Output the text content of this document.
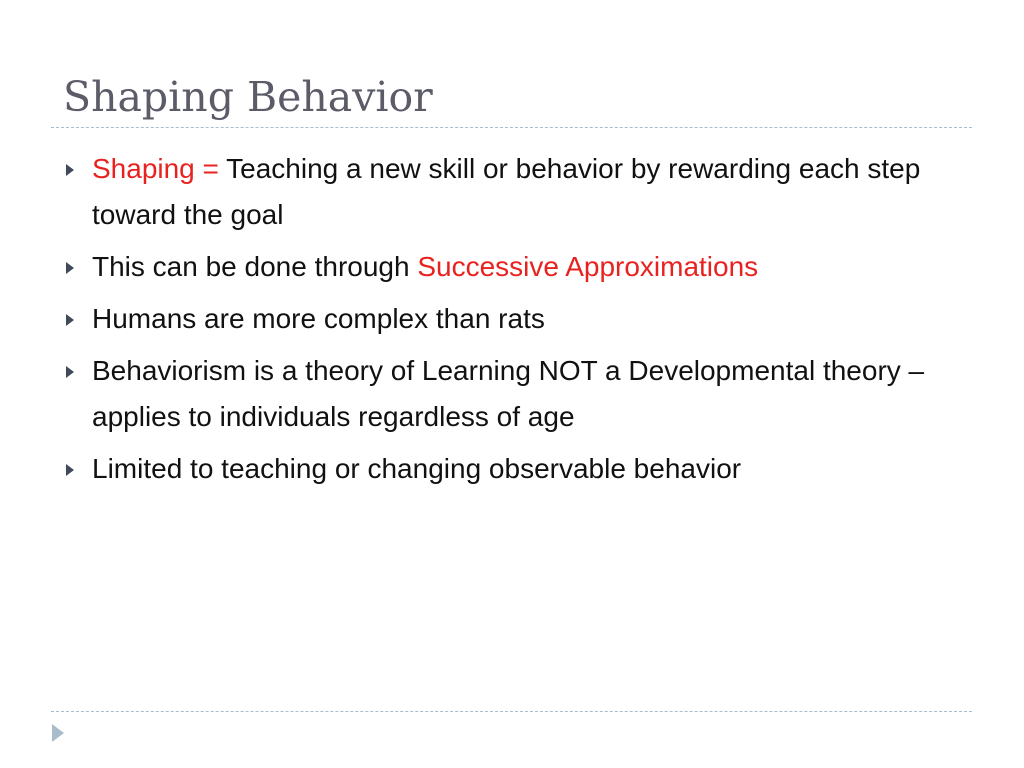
Shaping Behavior
Shaping = Teaching a new skill or behavior by rewarding each step toward the goal
This can be done through Successive Approximations
Humans are more complex than rats
Behaviorism is a theory of Learning NOT a Developmental theory – applies to individuals regardless of age
Limited to teaching or changing observable behavior
